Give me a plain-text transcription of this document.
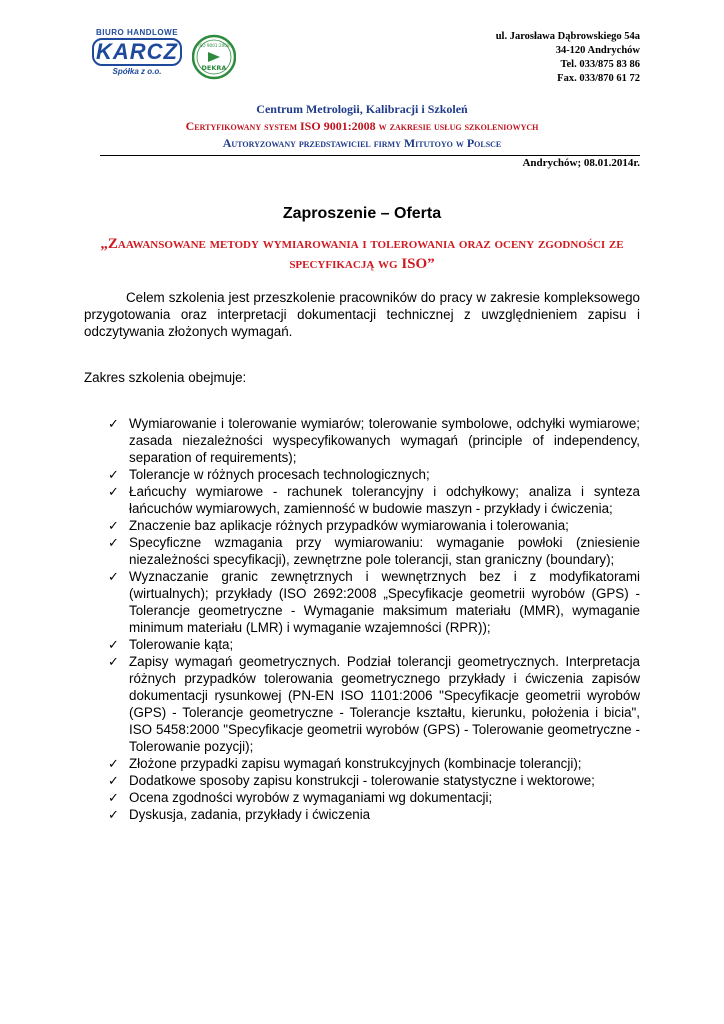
BIURO HANDLOWE
KARCZ
Spółka z o.o.
ISO 9001:2008
DEKRA
ul. Jarosława Dąbrowskiego 54a
34-120 Andrychów
Tel. 033/875 83 86
Fax. 033/870 61 72
Centrum Metrologii, Kalibracji i Szkoleń
Certyfikowany system ISO 9001:2008 w zakresie usług szkoleniowych
Autoryzowany przedstawiciel firmy Mitutoyo w Polsce
Andrychów; 08.01.2014r.
Zaproszenie – Oferta
„Zaawansowane metody wymiarowania i tolerowania oraz oceny zgodności ze specyfikacją wg ISO”
Celem szkolenia jest przeszkolenie pracowników do pracy w zakresie kompleksowego przygotowania oraz interpretacji dokumentacji technicznej z uwzględnieniem zapisu i odczytywania złożonych wymagań.
Zakres szkolenia obejmuje:
✓ Wymiarowanie i tolerowanie wymiarów; tolerowanie symbolowe, odchyłki wymiarowe; zasada niezależności wyspecyfikowanych wymagań (principle of independency, separation of requirements);
✓ Tolerancje w różnych procesach technologicznych;
✓ Łańcuchy wymiarowe - rachunek tolerancyjny i odchyłkowy; analiza i synteza łańcuchów wymiarowych, zamienność w budowie maszyn - przykłady i ćwiczenia;
✓ Znaczenie baz aplikacje różnych przypadków wymiarowania i tolerowania;
✓ Specyficzne wzmagania przy wymiarowaniu: wymaganie powłoki (zniesienie niezależności specyfikacji), zewnętrzne pole tolerancji, stan graniczny (boundary);
✓ Wyznaczanie granic zewnętrznych i wewnętrznych bez i z modyfikatorami (wirtualnych); przykłady (ISO 2692:2008 „Specyfikacje geometrii wyrobów (GPS) - Tolerancje geometryczne - Wymaganie maksimum materiału (MMR), wymaganie minimum materiału (LMR) i wymaganie wzajemności (RPR));
✓ Tolerowanie kąta;
✓ Zapisy wymagań geometrycznych. Podział tolerancji geometrycznych. Interpretacja różnych przypadków tolerowania geometrycznego przykłady i ćwiczenia zapisów dokumentacji rysunkowej (PN-EN ISO 1101:2006 "Specyfikacje geometrii wyrobów (GPS) - Tolerancje geometryczne - Tolerancje kształtu, kierunku, położenia i bicia", ISO 5458:2000 "Specyfikacje geometrii wyrobów (GPS) - Tolerowanie geometryczne - Tolerowanie pozycji);
✓ Złożone przypadki zapisu wymagań konstrukcyjnych (kombinacje tolerancji);
✓ Dodatkowe sposoby zapisu konstrukcji - tolerowanie statystyczne i wektorowe;
✓ Ocena zgodności wyrobów z wymaganiami wg dokumentacji;
✓ Dyskusja, zadania, przykłady i ćwiczenia
